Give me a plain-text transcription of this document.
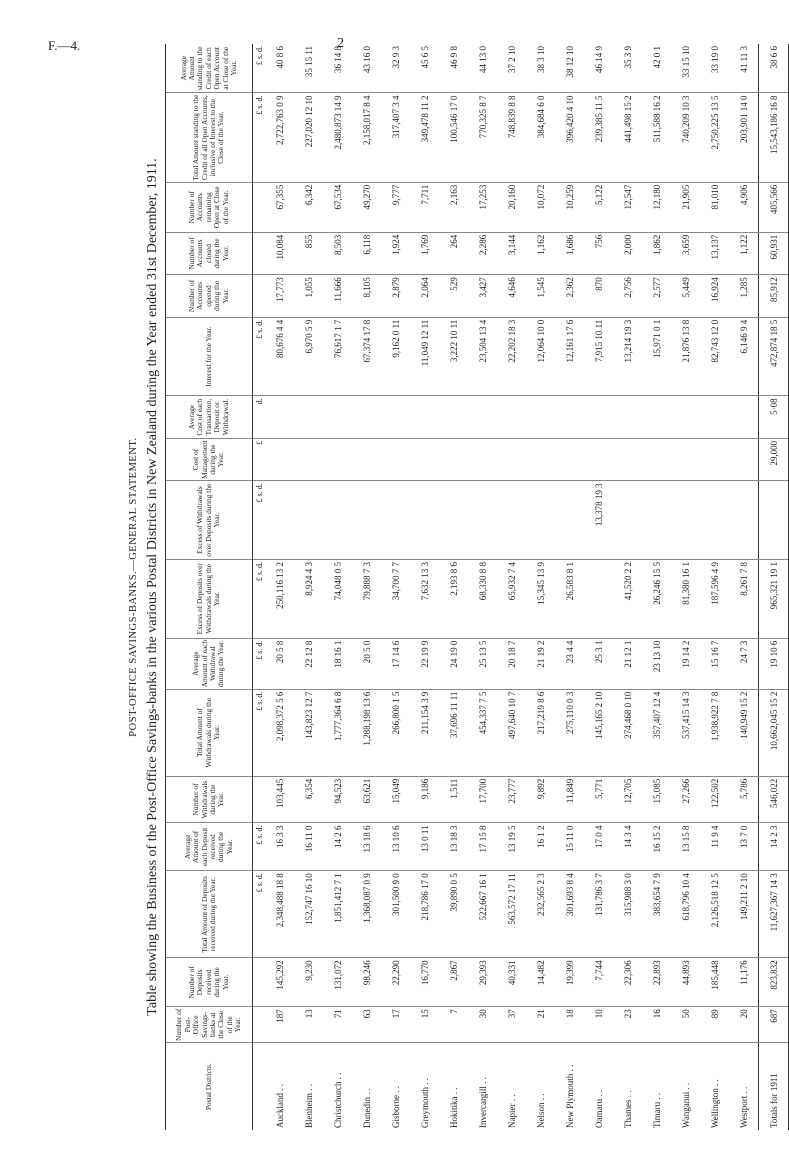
F.—4.	2
POST-OFFICE SAVINGS-BANKS.—GENERAL STATEMENT. Table showing the Business of the Post-Office Savings-banks in the various Postal Districts in New Zealand during the Year ended 31st December, 1911.
Postal Districts.	Number of Post-Office Savings-banks at the Close of the Year.	Number of Deposits received during the Year.	Total Amount of Deposits received during the Year.	Average Amount of each Deposit received during the Year.	Number of Withdrawals during the Year.	Total Amount of Withdrawals during the Year.	Average Amount of each Withdrawal during the Year.	Excess of Deposits over Withdrawals during the Year.	Excess of Withdrawals over Deposits during the Year.	Cost of Management during the Year.	Average Cost of each Transaction, Deposit or Withdrawal.	Interest for the Year.	Number of Accounts opened during the Year.	Number of Accounts closed during the Year.	Number of Accounts remaining Open at Close of the Year.	Total Amount standing to the Credit of all Open Accounts, inclusive of Interest to the Close of the Year.	Average Amount standing to the Credit of each Open Account at Close of the Year.
			£ s. d.	£ s. d.		£ s. d.	£ s. d.	£ s. d.	£ s. d.	£	d.	£ s. d.				£ s. d.	£ s. d.
Auckland . .	187	145,292	2,348,488 18 8	16 3 3	103,445	2,098,372 5 6	20 5 8	250,116 13 2				80,676 4 4	17,773	10,084	67,355	2,722,763 0 9	40 8 6
Blenheim . .	13	9,230	152,747 16 10	16 11 0	6,354	143,823 12 7	22 12 8	8,924 4 3				6,970 5 9	1,055	855	6,342	227,020 12 10	35 15 11
Christchurch . .	71	131,072	1,851,412 7 1	14 2 6	94,523	1,777,364 6 8	18 16 1	74,048 0 5				76,617 1 7	11,666	8,503	67,534	2,480,873 14 9	36 14 8
Dunedin . .	63	98,246	1,368,087 0 9	13 18 6	63,621	1,288,198 13 6	20 5 0	79,888 7 3				67,374 17 8	8,105	6,118	49,270	2,158,017 8 4	43 16 0
Gisborne . .	17	22,290	301,500 9 0	13 10 6	15,049	266,800 1 5	17 14 6	34,700 7 7				9,162 0 11	2,879	1,924	9,777	317,407 3 4	32 9 3
Greymouth . .	15	16,770	218,786 17 0	13 0 11	9,186	211,154 3 9	22 19 9	7,632 13 3				11,049 12 11	2,064	1,769	7,711	349,478 11 2	45 6 5
Hokitika . .	7	2,867	39,890 0 5	13 18 3	1,511	37,696 11 11	24 19 0	2,193 8 6				3,222 10 11	529	264	2,163	100,546 17 0	46 9 8
Invercargill . .	30	29,393	522,667 16 1	17 15 8	17,700	454,337 7 5	25 13 5	68,330 8 8				23,504 13 4	3,427	2,286	17,253	770,325 8 7	44 13 0
Napier . .	37	40,331	563,572 17 11	13 19 5	23,777	497,640 10 7	20 18 7	65,932 7 4				22,202 18 3	4,646	3,144	20,160	748,839 8 8	37 2 10
Nelson . .	21	14,482	232,565 2 3	16 1 2	9,892	217,219 8 6	21 19 2	15,345 13 9				12,064 10 0	1,545	1,162	10,072	384,684 6 0	38 3 10
New Plymouth . .	18	19,399	301,693 8 4	15 11 0	11,849	275,110 0 3	23 4 4	26,583 8 1				12,161 17 6	2,362	1,686	10,259	396,420 4 10	38 12 10
Oamaru . .	10	7,744	131,786 3 7	17 0 4	5,771	145,165 2 10	25 3 1		13,378 19 3			7,915 10 11	870	756	5,122	239,385 11 5	46 14 9
Thames . .	23	22,306	315,988 3 0	14 3 4	12,705	274,468 0 10	21 12 1	41,520 2 2				13,214 19 3	2,756	2,000	12,547	441,498 15 2	35 3 9
Timaru . .	16	22,893	383,654 7 9	16 15 2	15,085	357,407 12 4	23 13 10	26,246 15 5				15,971 0 1	2,577	1,862	12,180	511,588 16 2	42 0 1
Wanganui . .	50	44,893	618,796 10 4	13 15 8	27,266	537,415 14 3	19 14 2	81,380 16 1				21,876 13 8	5,449	3,659	21,905	740,209 10 3	33 15 10
Wellington . .	89	185,448	2,126,518 12 5	11 9 4	122,502	1,938,922 7 8	15 16 7	187,596 4 9				82,743 12 0	16,924	13,137	81,010	2,750,225 13 5	33 19 0
Westport . .	20	11,176	149,211 2 10	13 7 0	5,786	140,949 15 2	24 7 3	8,261 7 8				6,146 9 4	1,285	1,122	4,906	203,901 14 0	41 11 3
Totals for 1911	687	823,832	11,627,367 14 3	14 2 3	546,022	10,662,045 15 2	19 10 6	965,321 19 1		29,000	5·08	472,874 18 5	85,912	60,931	405,566	15,543,186 16 8	38 6 6
